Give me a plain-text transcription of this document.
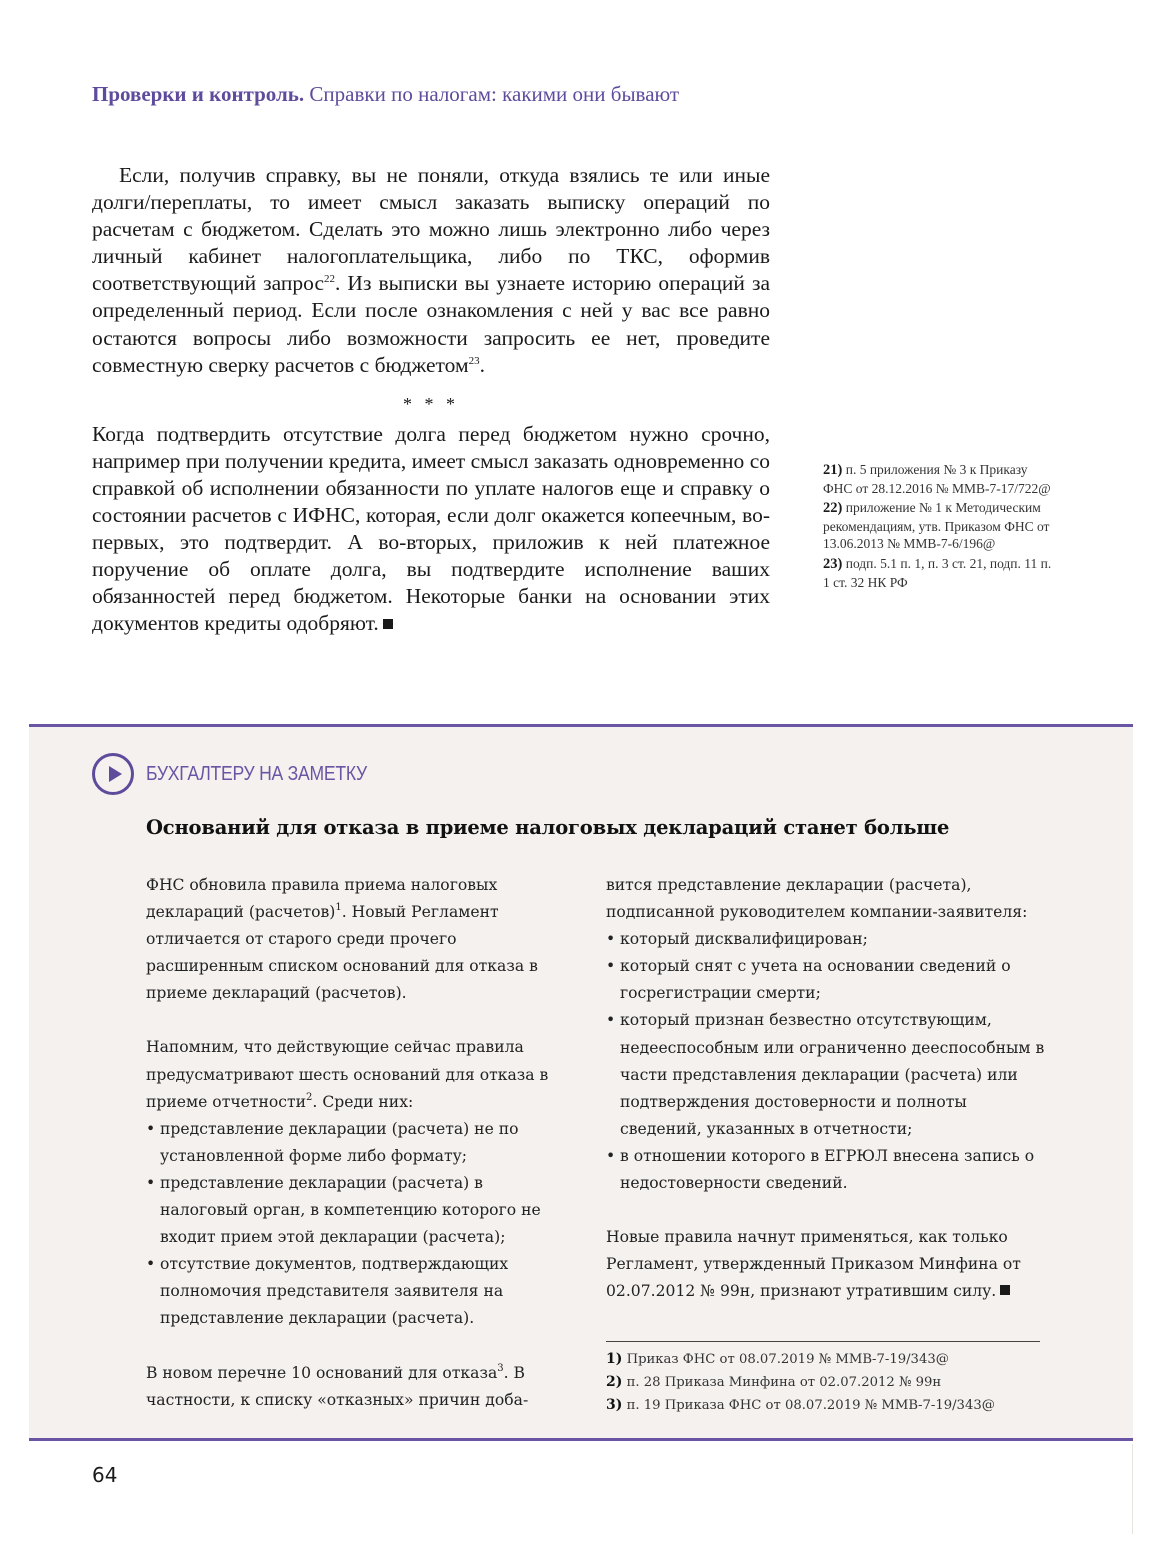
Проверки и контроль. Справки по налогам: какими они бывают

Если, получив справку, вы не поняли, откуда взялись те или иные долги/переплаты, то имеет смысл заказать выписку операций по расчетам с бюджетом. Сделать это можно лишь электронно либо через личный кабинет налогоплательщика, либо по ТКС, оформив соответствующий запрос$^{22}$. Из выписки вы узнаете историю операций за определенный период. Если после ознакомления с ней у вас все равно остаются вопросы либо возможности запросить ее нет, проведите совместную сверку расчетов с бюджетом$^{23}$.

* * *

Когда подтвердить отсутствие долга перед бюджетом нужно срочно, например при получении кредита, имеет смысл заказать одновременно со справкой об исполнении обязанности по уплате налогов еще и справку о состоянии расчетов с ИФНС, которая, если долг окажется копеечным, во-первых, это подтвердит. А во-вторых, приложив к ней платежное поручение об оплате долга, вы подтвердите исполнение ваших обязанностей перед бюджетом. Некоторые банки на основании этих документов кредиты одобряют.

21) п. 5 приложения № 3 к Приказу ФНС от 28.12.2016 № ММВ-7-17/722@
22) приложение № 1 к Методическим рекомендациям, утв. Приказом ФНС от 13.06.2013 № ММВ-7-6/196@
23) подп. 5.1 п. 1, п. 3 ст. 21, подп. 11 п. 1 ст. 32 НК РФ
БУХГАЛТЕРУ НА ЗАМЕТКУ
Оснований для отказа в приеме налоговых деклараций станет больше

ФНС обновила правила приема налоговых деклараций (расчетов)$^1$. Новый Регламент отличается от старого среди прочего расширенным списком оснований для отказа в приеме деклараций (расчетов).

Напомним, что действующие сейчас правила предусматривают шесть оснований для отказа в приеме отчетности$^2$. Среди них:

• представление декларации (расчета) не по установленной форме либо формату;
• представление декларации (расчета) в налоговый орган, в компетенцию которого не входит прием этой декларации (расчета);
• отсутствие документов, подтверждающих полномочия представителя заявителя на представление декларации (расчета).

В новом перечне 10 оснований для отказа$^3$. В частности, к списку «отказных» причин доба-

вится представление декларации (расчета), подписанной руководителем компании-заявителя:

• который дисквалифицирован;
• который снят с учета на основании сведений о госрегистрации смерти;
• который признан безвестно отсутствующим, недееспособным или ограниченно дееспособным в части представления декларации (расчета) или подтверждения достоверности и полноты сведений, указанных в отчетности;
• в отношении которого в ЕГРЮЛ внесена запись о недостоверности сведений.

Новые правила начнут применяться, как только Регламент, утвержденный Приказом Минфина от 02.07.2012 № 99н, признают утратившим силу.

1) Приказ ФНС от 08.07.2019 № ММВ-7-19/343@
2) п. 28 Приказа Минфина от 02.07.2012 № 99н
3) п. 19 Приказа ФНС от 08.07.2019 № ММВ-7-19/343@
64
